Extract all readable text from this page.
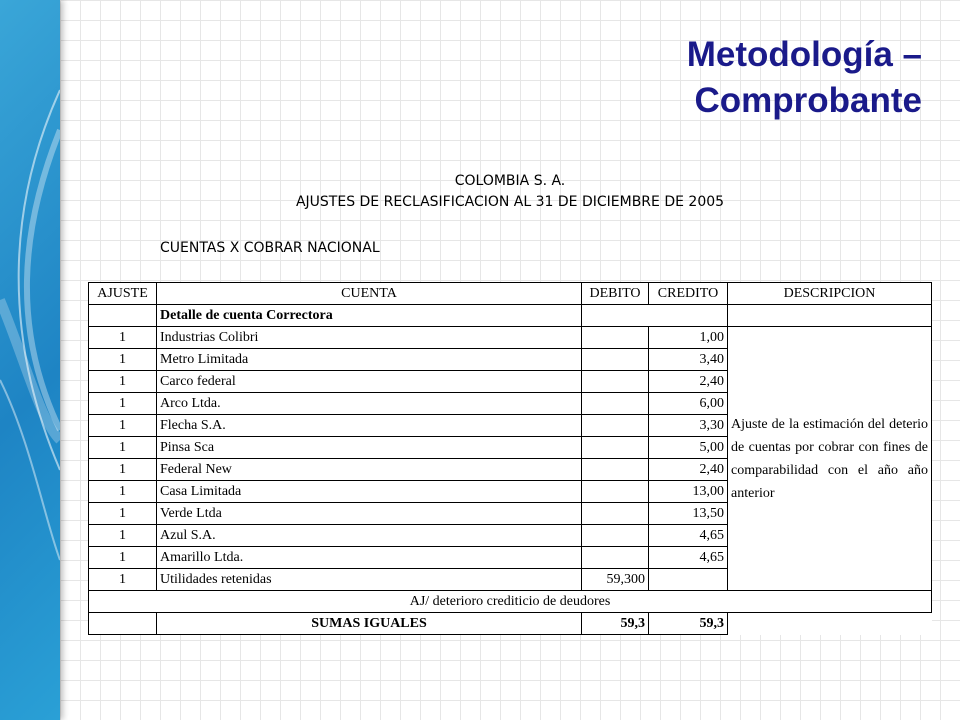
Metodología –
Comprobante
COLOMBIA S. A.
AJUSTES DE RECLASIFICACION AL 31 DE DICIEMBRE DE 2005
CUENTAS X COBRAR NACIONAL
AJUSTE	CUENTA	DEBITO	CREDITO	DESCRIPCION
	Detalle de cuenta Correctora			
1	Industrias Colibri		1,00	Ajuste de la estimación del deterio de cuentas por cobrar con fines de comparabilidad con el año año anterior
1	Metro Limitada		3,40	
1	Carco federal		2,40	
1	Arco Ltda.		6,00	
1	Flecha S.A.		3,30	
1	Pinsa Sca		5,00	
1	Federal New		2,40	
1	Casa Limitada		13,00	
1	Verde Ltda		13,50	
1	Azul S.A.		4,65	
1	Amarillo Ltda.		4,65	
1	Utilidades retenidas	59,300		
AJ/ deterioro crediticio de deudores				
	SUMAS IGUALES	59,3	59,3	
